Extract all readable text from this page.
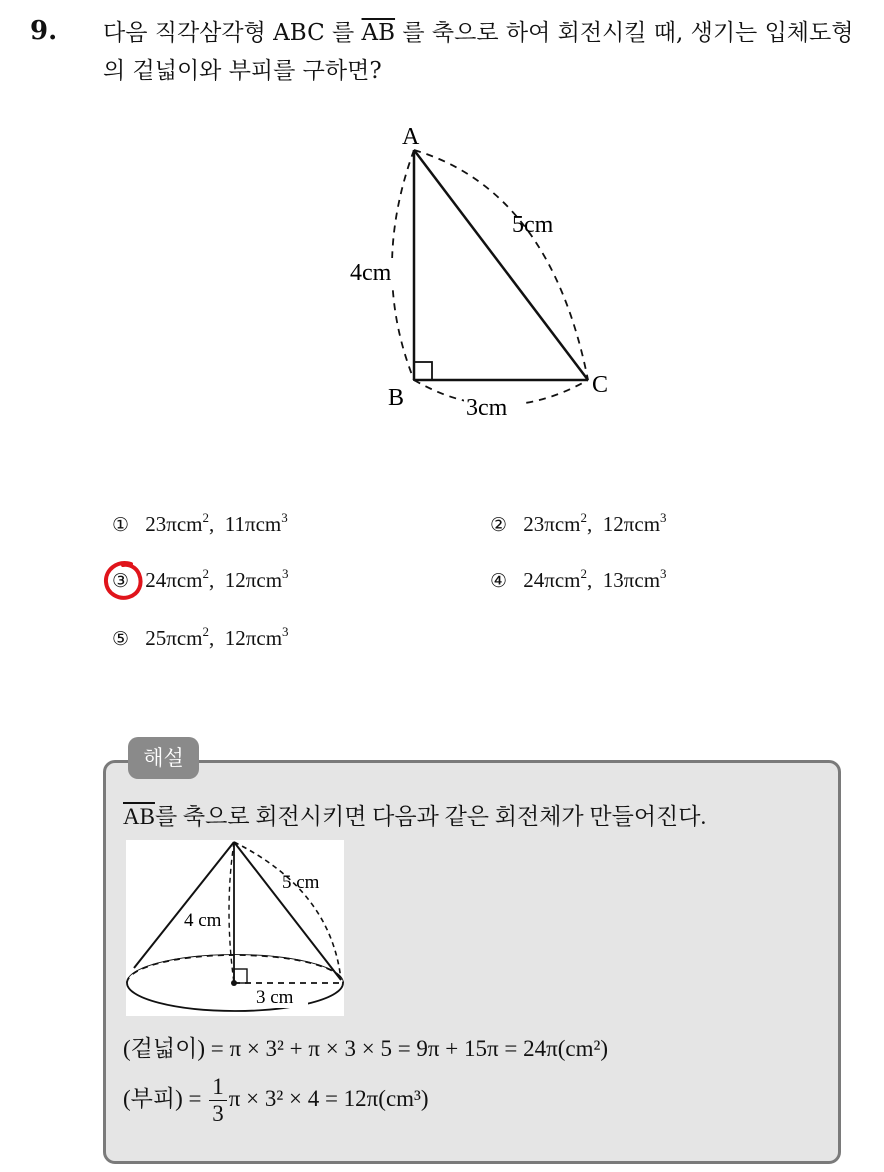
9. 다음 직각삼각형 ABC 를 $\overline{AB}$ 를 축으로 하여 회전시킬 때, 생기는 입체도형의 겉넓이와 부피를 구하면?
A
B	C
4cm
5cm
3cm
① 23πcm$^2$,  11πcm$^3$	② 23πcm$^2$,  12πcm$^3$
③ 24πcm$^2$,  12πcm$^3$	④ 24πcm$^2$,  13πcm$^3$
⑤ 25πcm$^2$,  12πcm$^3$
해설
$\overline{AB}$를 축으로 회전시키면 다음과 같은 회전체가 만들어진다.
5 cm
4 cm
3 cm
(겉넓이) = π × 3² + π × 3 × 5 = 9π + 15π = 24π(cm²)
(부피) = $\frac{1}{3}$ π × 3² × 4 = 12π(cm³)
